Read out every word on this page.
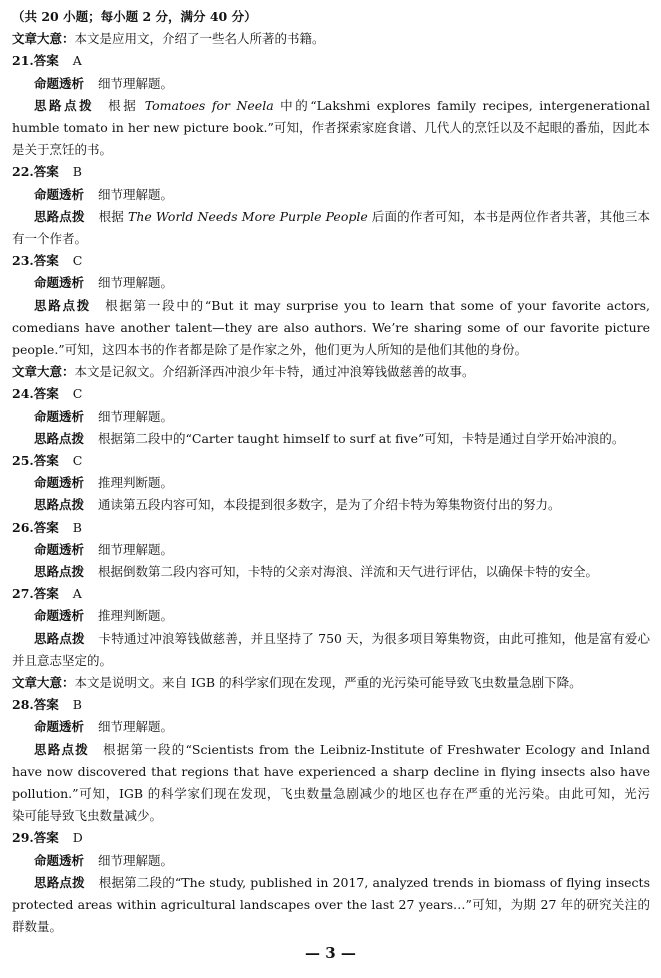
（共 20 小题；每小题 2 分，满分 40 分）
文章大意：本文是应用文，介绍了一些名人所著的书籍。
21.答案 A
命题透析 细节理解题。
思路点拨 根据 Tomatoes for Neela 中的“Lakshmi explores family recipes, intergenerational
humble tomato in her new picture book.”可知，作者探索家庭食谱、几代人的烹饪以及不起眼的番茄，因此本
是关于烹饪的书。
22.答案 B
命题透析 细节理解题。
思路点拨 根据 The World Needs More Purple People 后面的作者可知，本书是两位作者共著，其他三本
有一个作者。
23.答案 C
命题透析 细节理解题。
思路点拨 根据第一段中的“But it may surprise you to learn that some of your favorite actors,
comedians have another talent—they are also authors. We’re sharing some of our favorite picture
people.”可知，这四本书的作者都是除了是作家之外，他们更为人所知的是他们其他的身份。
文章大意：本文是记叙文。介绍新泽西冲浪少年卡特，通过冲浪筹钱做慈善的故事。
24.答案 C
命题透析 细节理解题。
思路点拨 根据第二段中的“Carter taught himself to surf at five”可知，卡特是通过自学开始冲浪的。
25.答案 C
命题透析 推理判断题。
思路点拨 通读第五段内容可知，本段提到很多数字，是为了介绍卡特为筹集物资付出的努力。
26.答案 B
命题透析 细节理解题。
思路点拨 根据倒数第二段内容可知，卡特的父亲对海浪、洋流和天气进行评估，以确保卡特的安全。
27.答案 A
命题透析 推理判断题。
思路点拨 卡特通过冲浪筹钱做慈善，并且坚持了 750 天，为很多项目筹集物资，由此可推知，他是富有爱心
并且意志坚定的。
文章大意：本文是说明文。来自 IGB 的科学家们现在发现，严重的光污染可能导致飞虫数量急剧下降。
28.答案 B
命题透析 细节理解题。
思路点拨 根据第一段的“Scientists from the Leibniz-Institute of Freshwater Ecology and Inland
have now discovered that regions that have experienced a sharp decline in flying insects also have
pollution.”可知，IGB 的科学家们现在发现，飞虫数量急剧减少的地区也存在严重的光污染。由此可知，光污
染可能导致飞虫数量减少。
29.答案 D
命题透析 细节理解题。
思路点拨 根据第二段的“The study, published in 2017, analyzed trends in biomass of flying insects
protected areas within agricultural landscapes over the last 27 years…”可知，为期 27 年的研究关注的
群数量。
— 3 —
